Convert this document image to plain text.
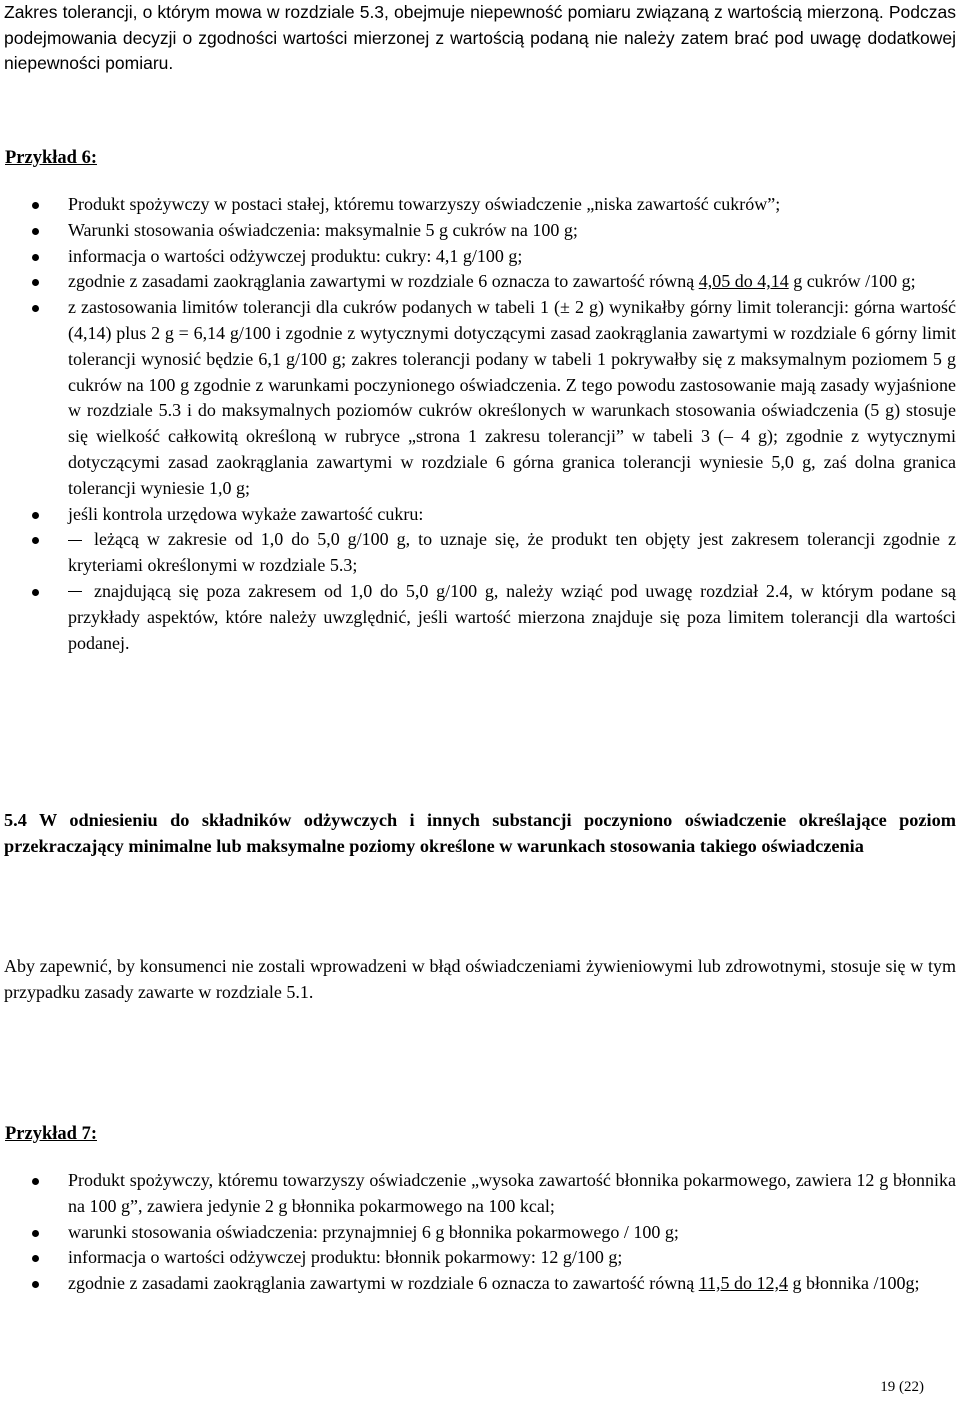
Zakres tolerancji, o którym mowa w rozdziale 5.3, obejmuje niepewność pomiaru związaną z wartością mierzoną. Podczas podejmowania decyzji o zgodności wartości mierzonej z wartością podaną nie należy zatem brać pod uwagę dodatkowej niepewności pomiaru.

Przykład 6:
Produkt spożywczy w postaci stałej, któremu towarzyszy oświadczenie „niska zawartość cukrów”;
Warunki stosowania oświadczenia: maksymalnie 5 g cukrów na 100 g;
informacja o wartości odżywczej produktu: cukry: 4,1 g/100 g;
zgodnie z zasadami zaokrąglania zawartymi w rozdziale 6 oznacza to zawartość równą 4,05 do 4,14 g cukrów /100 g;
z zastosowania limitów tolerancji dla cukrów podanych w tabeli 1 (± 2 g) wynikałby górny limit tolerancji: górna wartość (4,14) plus 2 g = 6,14 g/100 i zgodnie z wytycznymi dotyczącymi zasad zaokrąglania zawartymi w rozdziale 6 górny limit tolerancji wynosić będzie 6,1 g/100 g; zakres tolerancji podany w tabeli 1 pokrywałby się z maksymalnym poziomem 5 g cukrów na 100 g zgodnie z warunkami poczynionego oświadczenia. Z tego powodu zastosowanie mają zasady wyjaśnione w rozdziale 5.3 i do maksymalnych poziomów cukrów określonych w warunkach stosowania oświadczenia (5 g) stosuje się wielkość całkowitą określoną w rubryce „strona 1 zakresu tolerancji” w tabeli 3 (– 4 g); zgodnie z wytycznymi dotyczącymi zasad zaokrąglania zawartymi w rozdziale 6 górna granica tolerancji wyniesie 5,0 g, zaś dolna granica tolerancji wyniesie 1,0 g;
jeśli kontrola urzędowa wykaże zawartość cukru:
leżącą w zakresie od 1,0 do 5,0 g/100 g, to uznaje się, że produkt ten objęty jest zakresem tolerancji zgodnie z kryteriami określonymi w rozdziale 5.3;
znajdującą się poza zakresem od 1,0 do 5,0 g/100 g, należy wziąć pod uwagę rozdział 2.4, w którym podane są przykłady aspektów, które należy uwzględnić, jeśli wartość mierzona znajduje się poza limitem tolerancji dla wartości podanej.
5.4 W odniesieniu do składników odżywczych i innych substancji poczyniono oświadczenie określające poziom przekraczający minimalne lub maksymalne poziomy określone w warunkach stosowania takiego oświadczenia

Aby zapewnić, by konsumenci nie zostali wprowadzeni w błąd oświadczeniami żywieniowymi lub zdrowotnymi, stosuje się w tym przypadku zasady zawarte w rozdziale 5.1.

Przykład 7:
Produkt spożywczy, któremu towarzyszy oświadczenie „wysoka zawartość błonnika pokarmowego, zawiera 12 g błonnika na 100 g”, zawiera jedynie 2 g błonnika pokarmowego na 100 kcal;
warunki stosowania oświadczenia: przynajmniej 6 g błonnika pokarmowego / 100 g;
informacja o wartości odżywczej produktu: błonnik pokarmowy: 12 g/100 g;
zgodnie z zasadami zaokrąglania zawartymi w rozdziale 6 oznacza to zawartość równą 11,5 do 12,4 g błonnika /100g;

19 (22)
